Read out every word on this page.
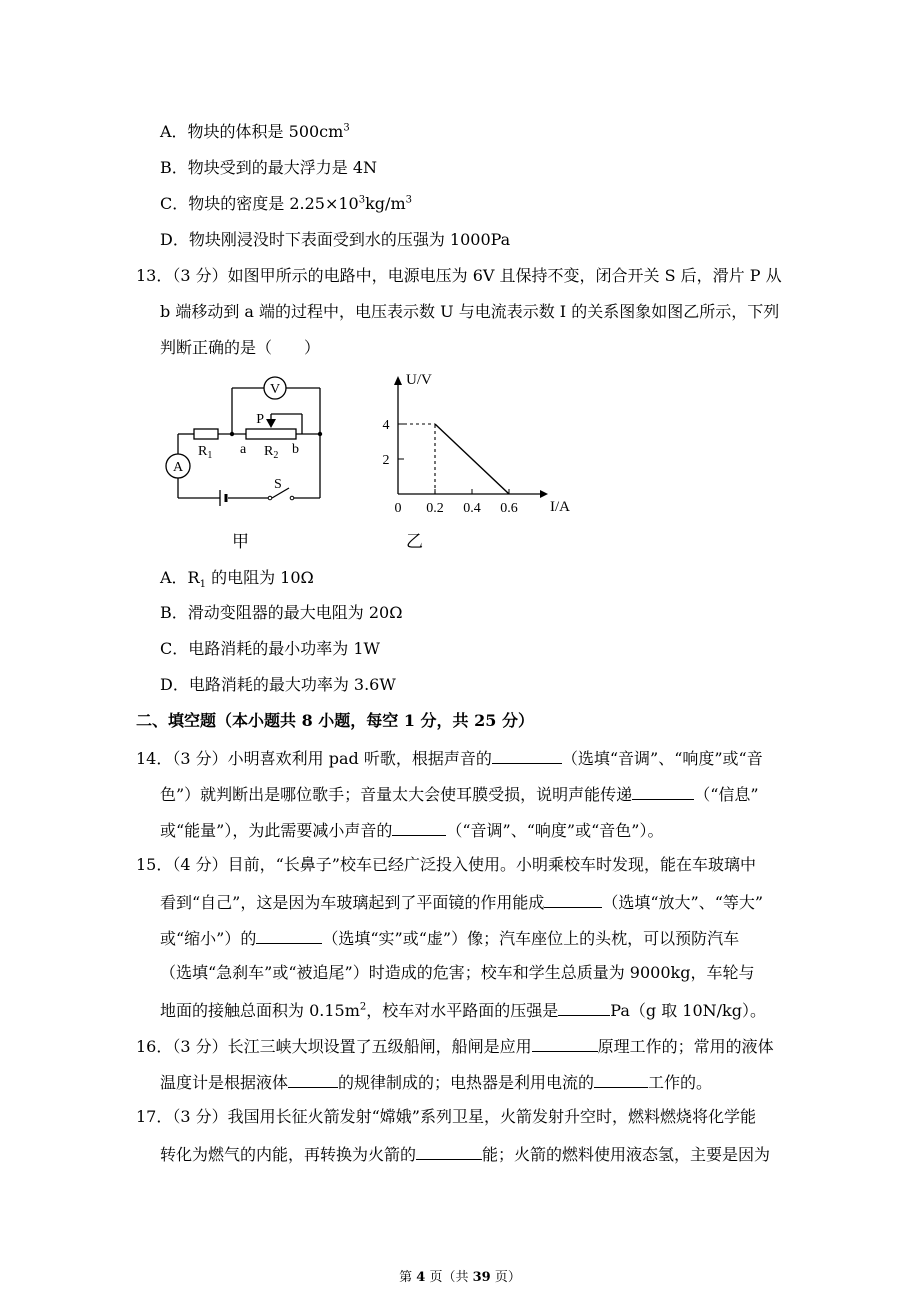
A．物块的体积是 $500cm^3$
B．物块受到的最大浮力是 4N
C．物块的密度是 $2.25\times 10^3kg/m^3$
D．物块刚浸没时下表面受到水的压强为 1000Pa
13．（3 分）如图甲所示的电路中，电源电压为 6V 且保持不变，闭合开关 S 后，滑片 P 从
b 端移动到 a 端的过程中，电压表示数 U 与电流表示数 I 的关系图象如图乙所示，下列
判断正确的是（　　）
V
A
P
$R_1$	$R_2$
a	b
S
甲
U/V
I/A
4
2
0 0.2 0.4 0.6
乙
A．$R_1$ 的电阻为 10Ω
B．滑动变阻器的最大电阻为 20Ω
C．电路消耗的最小功率为 1W
D．电路消耗的最大功率为 3.6W
二、填空题（本小题共 8 小题，每空 1 分，共 25 分）
14．（3 分）小明喜欢利用 pad 听歌，根据声音的	（选填“音调”、“响度”或“音
色”）就判断出是哪位歌手；音量太大会使耳膜受损，说明声能传递	（“信息”
或“能量”），为此需要减小声音的	（“音调”、“响度”或“音色”）。
15．（4 分）目前，“长鼻子”校车已经广泛投入使用。小明乘校车时发现，能在车玻璃中
看到“自己”，这是因为车玻璃起到了平面镜的作用能成	（选填“放大”、“等大”
或“缩小”）的	（选填“实”或“虚”）像；汽车座位上的头枕，可以预防汽车
（选填“急刹车”或“被追尾”）时造成的危害；校车和学生总质量为 9000kg，车轮与
地面的接触总面积为 $0.15m^2$，校车对水平路面的压强是	Pa（g 取 10N/kg）。
16．（3 分）长江三峡大坝设置了五级船闸，船闸是应用	原理工作的；常用的液体
温度计是根据液体	的规律制成的；电热器是利用电流的	工作的。
17．（3 分）我国用长征火箭发射“嫦娥”系列卫星，火箭发射升空时，燃料燃烧将化学能
转化为燃气的内能，再转换为火箭的	能；火箭的燃料使用液态氢，主要是因为
第 4 页（共 39 页）
